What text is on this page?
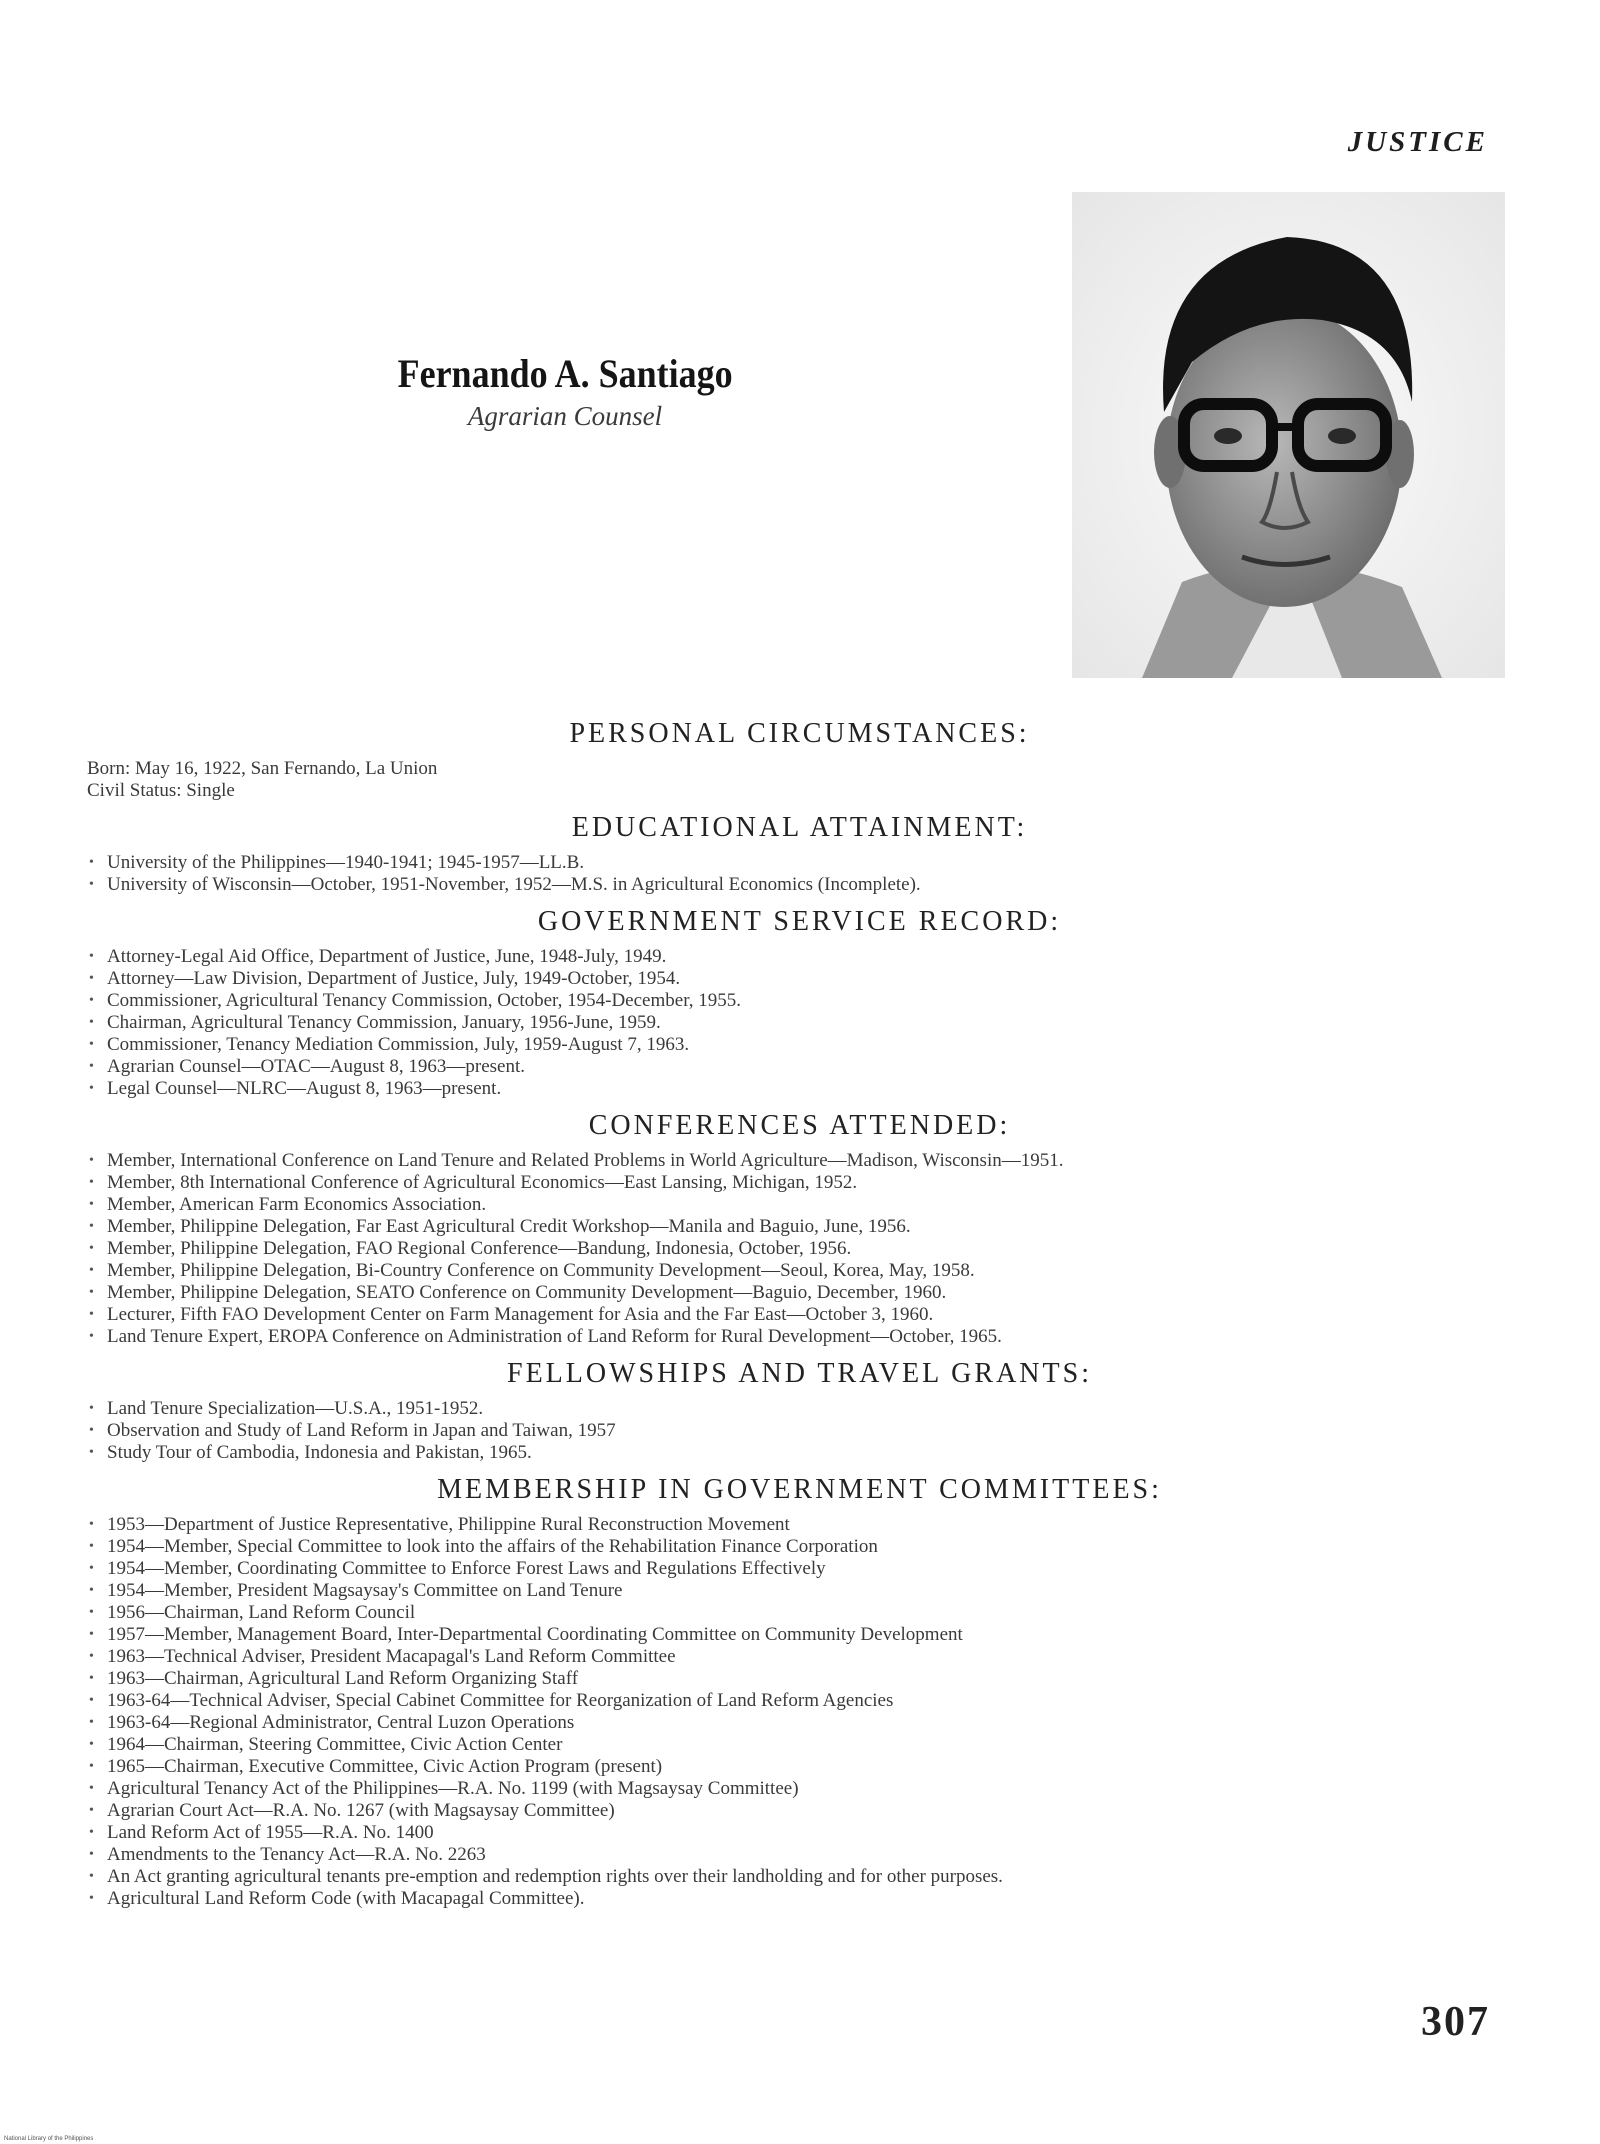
JUSTICE
Fernando A. Santiago
Agrarian Counsel
PERSONAL CIRCUMSTANCES:
Born: May 16, 1922, San Fernando, La Union
Civil Status: Single
EDUCATIONAL ATTAINMENT:
• University of the Philippines—1940-1941; 1945-1957—LL.B.
• University of Wisconsin—October, 1951-November, 1952—M.S. in Agricultural Economics (Incomplete).
GOVERNMENT SERVICE RECORD:
• Attorney-Legal Aid Office, Department of Justice, June, 1948-July, 1949.
• Attorney—Law Division, Department of Justice, July, 1949-October, 1954.
• Commissioner, Agricultural Tenancy Commission, October, 1954-December, 1955.
• Chairman, Agricultural Tenancy Commission, January, 1956-June, 1959.
• Commissioner, Tenancy Mediation Commission, July, 1959-August 7, 1963.
• Agrarian Counsel—OTAC—August 8, 1963—present.
• Legal Counsel—NLRC—August 8, 1963—present.
CONFERENCES ATTENDED:
• Member, International Conference on Land Tenure and Related Problems in World Agriculture—Madison, Wisconsin—1951.
• Member, 8th International Conference of Agricultural Economics—East Lansing, Michigan, 1952.
• Member, American Farm Economics Association.
• Member, Philippine Delegation, Far East Agricultural Credit Workshop—Manila and Baguio, June, 1956.
• Member, Philippine Delegation, FAO Regional Conference—Bandung, Indonesia, October, 1956.
• Member, Philippine Delegation, Bi-Country Conference on Community Development—Seoul, Korea, May, 1958.
• Member, Philippine Delegation, SEATO Conference on Community Development—Baguio, December, 1960.
• Lecturer, Fifth FAO Development Center on Farm Management for Asia and the Far East—October 3, 1960.
• Land Tenure Expert, EROPA Conference on Administration of Land Reform for Rural Development—October, 1965.
FELLOWSHIPS AND TRAVEL GRANTS:
• Land Tenure Specialization—U.S.A., 1951-1952.
• Observation and Study of Land Reform in Japan and Taiwan, 1957
• Study Tour of Cambodia, Indonesia and Pakistan, 1965.
MEMBERSHIP IN GOVERNMENT COMMITTEES:
• 1953—Department of Justice Representative, Philippine Rural Reconstruction Movement
• 1954—Member, Special Committee to look into the affairs of the Rehabilitation Finance Corporation
• 1954—Member, Coordinating Committee to Enforce Forest Laws and Regulations Effectively
• 1954—Member, President Magsaysay's Committee on Land Tenure
• 1956—Chairman, Land Reform Council
• 1957—Member, Management Board, Inter-Departmental Coordinating Committee on Community Development
• 1963—Technical Adviser, President Macapagal's Land Reform Committee
• 1963—Chairman, Agricultural Land Reform Organizing Staff
• 1963-64—Technical Adviser, Special Cabinet Committee for Reorganization of Land Reform Agencies
• 1963-64—Regional Administrator, Central Luzon Operations
• 1964—Chairman, Steering Committee, Civic Action Center
• 1965—Chairman, Executive Committee, Civic Action Program (present)
• Agricultural Tenancy Act of the Philippines—R.A. No. 1199 (with Magsaysay Committee)
• Agrarian Court Act—R.A. No. 1267 (with Magsaysay Committee)
• Land Reform Act of 1955—R.A. No. 1400
• Amendments to the Tenancy Act—R.A. No. 2263
• An Act granting agricultural tenants pre-emption and redemption rights over their landholding and for other purposes.
• Agricultural Land Reform Code (with Macapagal Committee).
307
National Library of the Philippines
